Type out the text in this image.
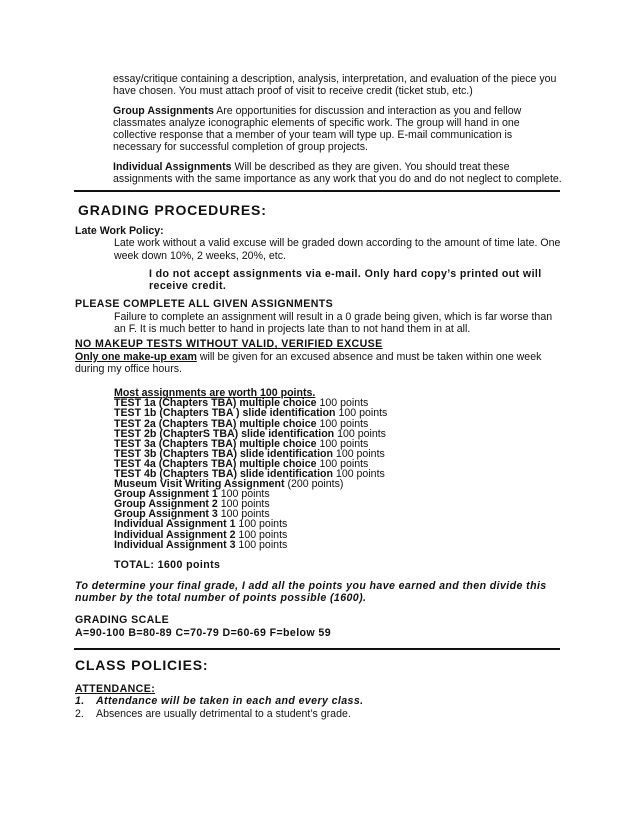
essay/critique containing a description, analysis, interpretation, and evaluation of the piece you have chosen. You must attach proof of visit to receive credit (ticket stub, etc.)

Group Assignments Are opportunities for discussion and interaction as you and fellow classmates analyze iconographic elements of specific work. The group will hand in one collective response that a member of your team will type up. E-mail communication is necessary for successful completion of group projects.

Individual Assignments Will be described as they are given. You should treat these assignments with the same importance as any work that you do and do not neglect to complete.

GRADING PROCEDURES:

Late Work Policy:

Late work without a valid excuse will be graded down according to the amount of time late. One week down 10%, 2 weeks, 20%, etc.

I do not accept assignments via e-mail. Only hard copy’s printed out will receive credit.

PLEASE COMPLETE ALL GIVEN ASSIGNMENTS

Failure to complete an assignment will result in a 0 grade being given, which is far worse than an F. It is much better to hand in projects late than to not hand them in at all.

NO MAKEUP TESTS WITHOUT VALID, VERIFIED EXCUSE

Only one make-up exam will be given for an excused absence and must be taken within one week during my office hours.

Most assignments are worth 100 points.

TEST 1a (Chapters TBA) multiple choice 100 points

TEST 1b (Chapters TBA ) slide identification 100 points

TEST 2a (Chapters TBA) multiple choice 100 points

TEST 2b (ChapterS TBA) slide identification 100 points

TEST 3a (Chapters TBA) multiple choice 100 points

TEST 3b (Chapters TBA) slide identification 100 points

TEST 4a (Chapters TBA) multiple choice 100 points

TEST 4b (Chapters TBA) slide identification 100 points

Museum Visit Writing Assignment (200 points)

Group Assignment 1 100 points

Group Assignment 2 100 points

Group Assignment 3 100 points

Individual Assignment 1 100 points

Individual Assignment 2 100 points

Individual Assignment 3 100 points

TOTAL: 1600 points

To determine your final grade, I add all the points you have earned and then divide this number by the total number of points possible (1600).

GRADING SCALE

A=90-100 B=80-89 C=70-79 D=60-69 F=below 59

CLASS POLICIES:

ATTENDANCE:

1. Attendance will be taken in each and every class.
2. Absences are usually detrimental to a student’s grade.
